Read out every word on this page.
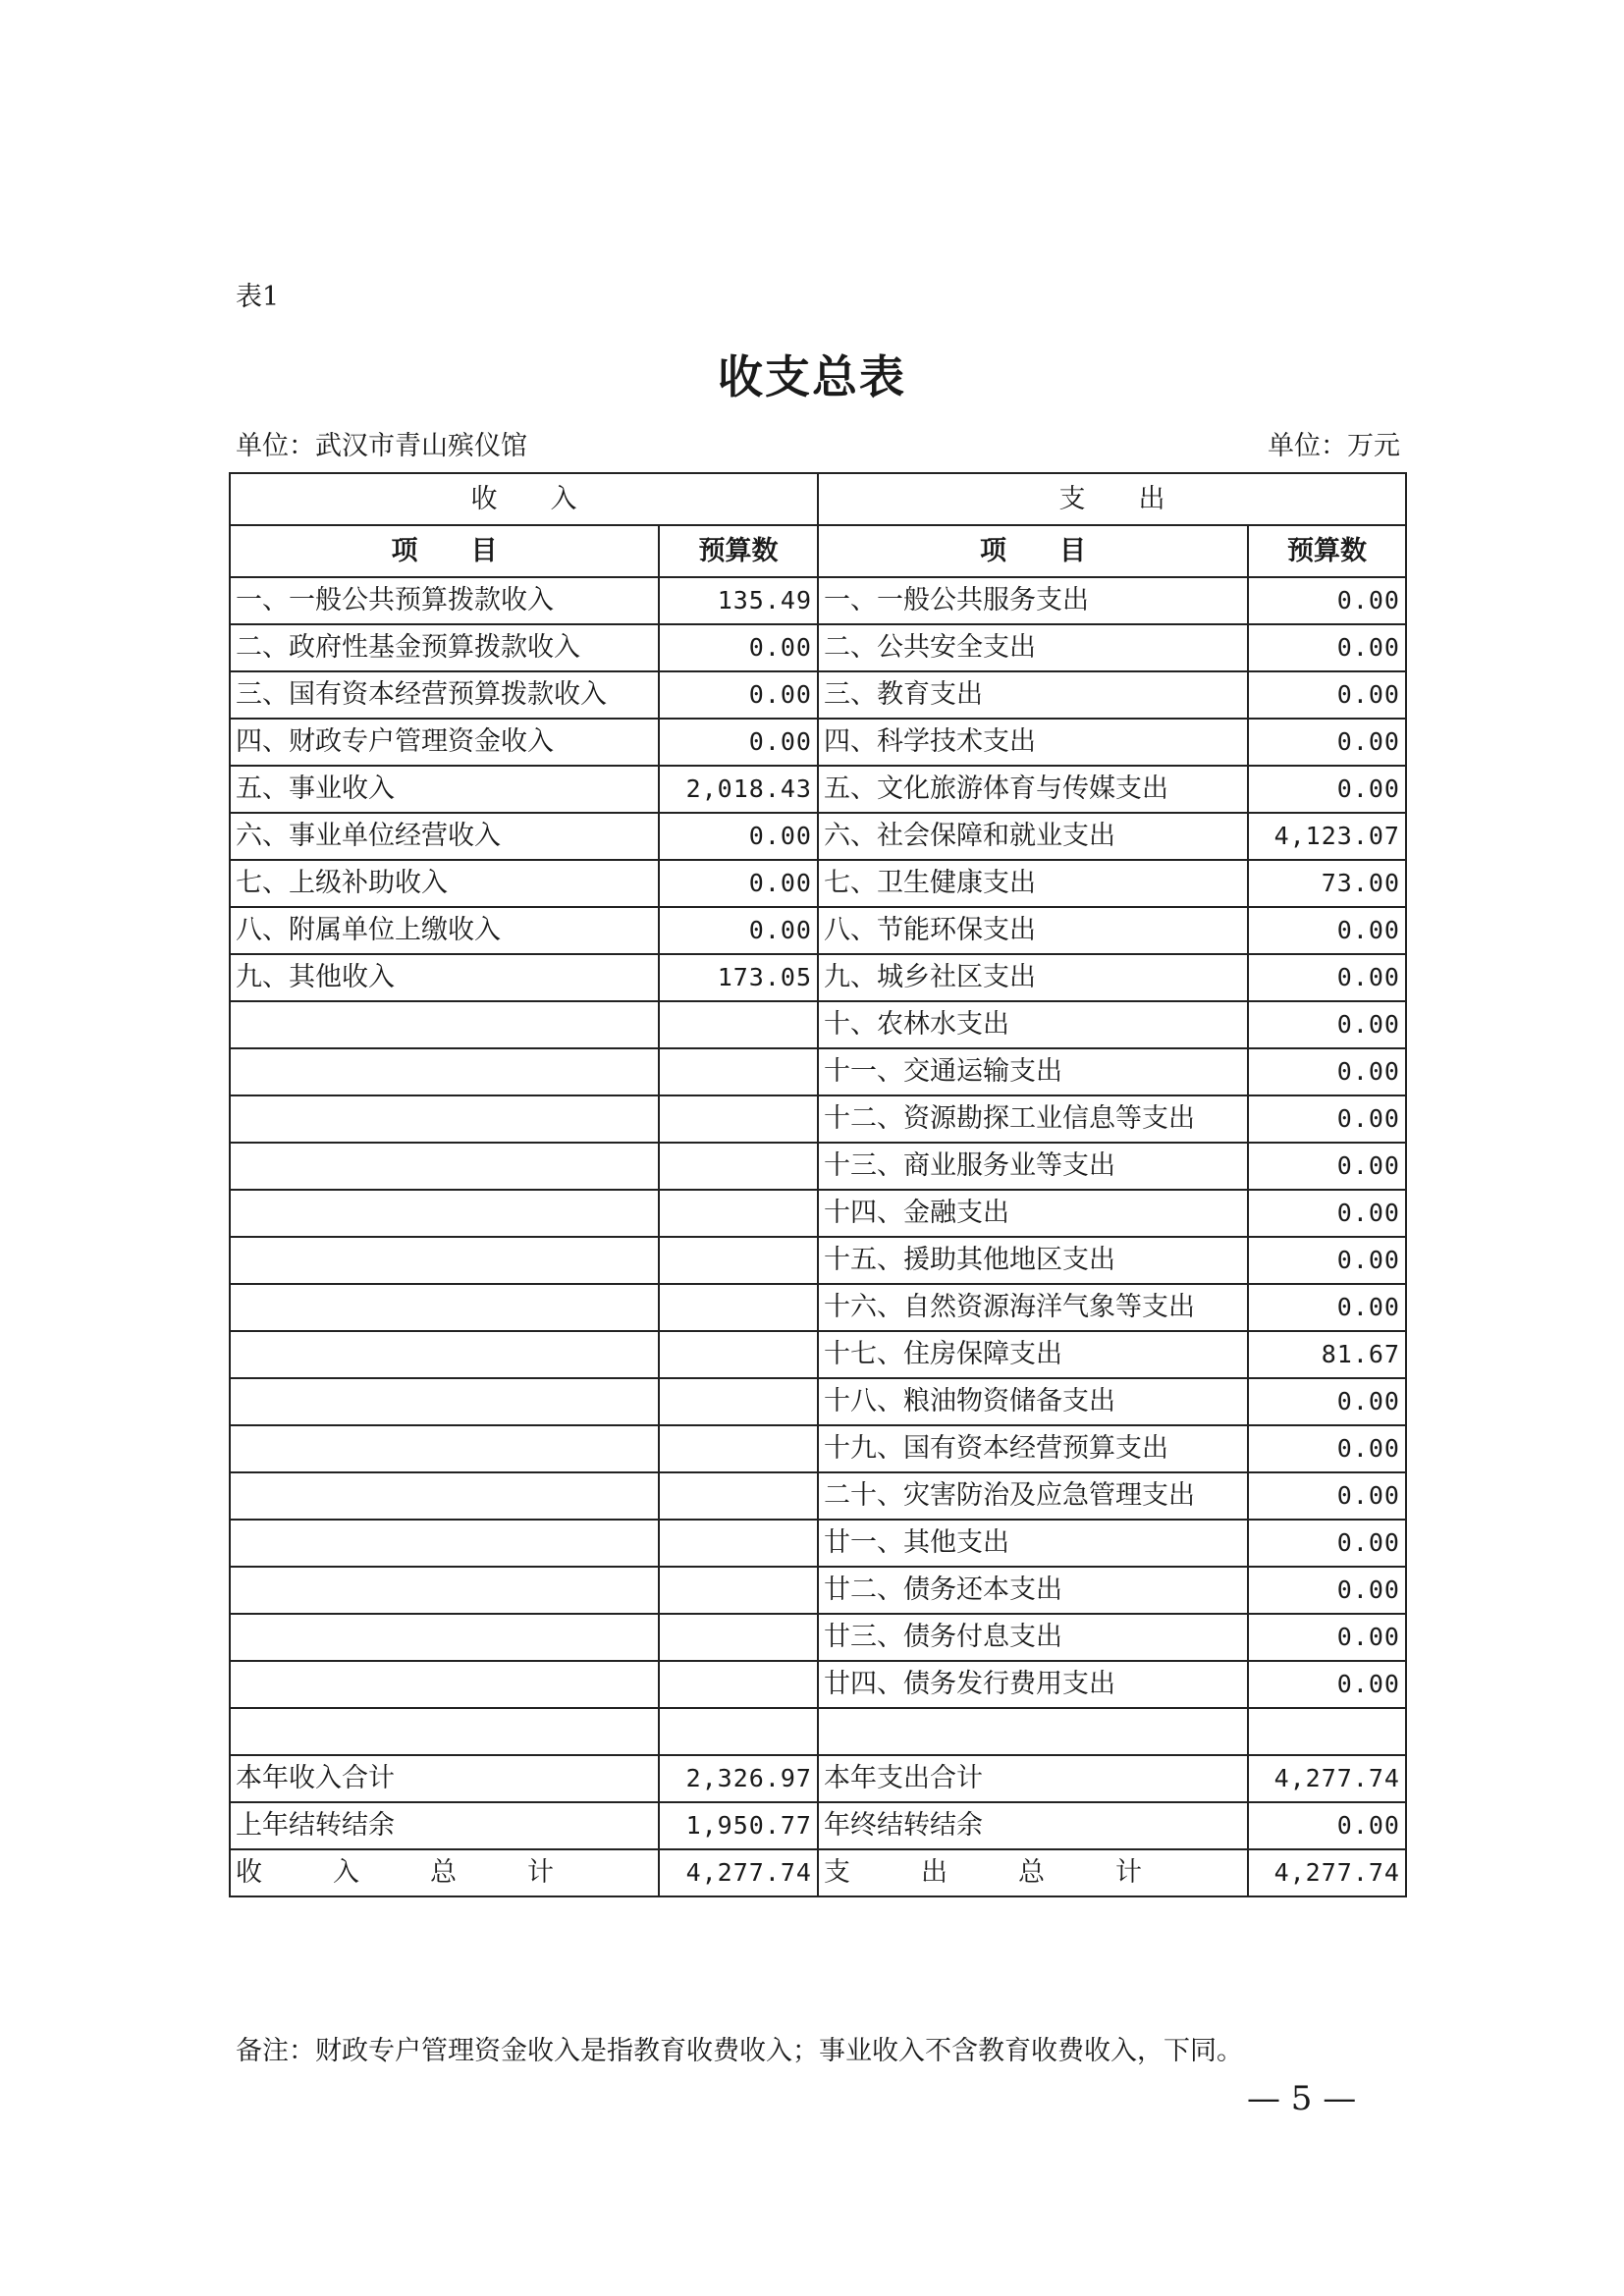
表1
收支总表
单位：武汉市青山殡仪馆	单位：万元
收　　入		支　　出	
项　　目	预算数	项　　目	预算数
一、一般公共预算拨款收入	135.49	一、一般公共服务支出	0.00
二、政府性基金预算拨款收入	0.00	二、公共安全支出	0.00
三、国有资本经营预算拨款收入	0.00	三、教育支出	0.00
四、财政专户管理资金收入	0.00	四、科学技术支出	0.00
五、事业收入	2,018.43	五、文化旅游体育与传媒支出	0.00
六、事业单位经营收入	0.00	六、社会保障和就业支出	4,123.07
七、上级补助收入	0.00	七、卫生健康支出	73.00
八、附属单位上缴收入	0.00	八、节能环保支出	0.00
九、其他收入	173.05	九、城乡社区支出	0.00
		十、农林水支出	0.00
		十一、交通运输支出	0.00
		十二、资源勘探工业信息等支出	0.00
		十三、商业服务业等支出	0.00
		十四、金融支出	0.00
		十五、援助其他地区支出	0.00
		十六、自然资源海洋气象等支出	0.00
		十七、住房保障支出	81.67
		十八、粮油物资储备支出	0.00
		十九、国有资本经营预算支出	0.00
		二十、灾害防治及应急管理支出	0.00
		廿一、其他支出	0.00
		廿二、债务还本支出	0.00
		廿三、债务付息支出	0.00
		廿四、债务发行费用支出	0.00

本年收入合计	2,326.97	本年支出合计	4,277.74
上年结转结余	1,950.77	年终结转结余	0.00
收入总计	4,277.74	支出总计	4,277.74
备注：财政专户管理资金收入是指教育收费收入；事业收入不含教育收费收入，下同。
— 5 —
